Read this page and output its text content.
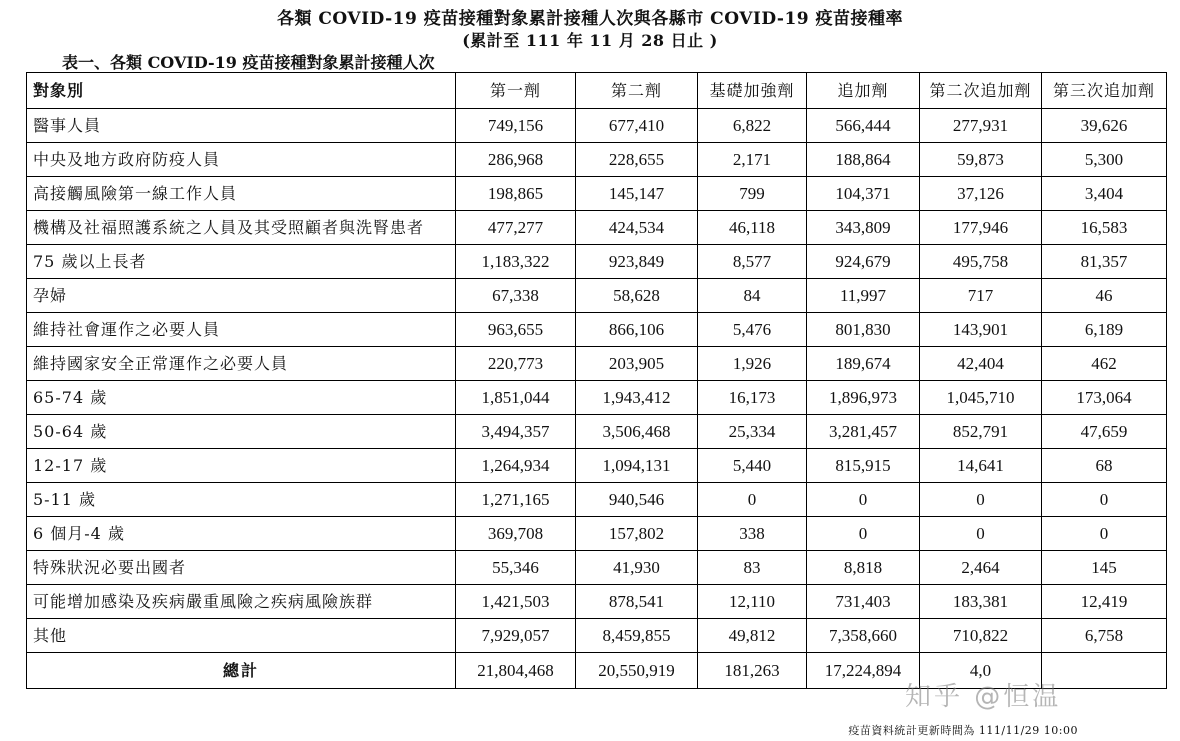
各類 COVID-19 疫苗接種對象累計接種人次與各縣市 COVID-19 疫苗接種率
(累計至 111 年 11 月 28 日止 )
表一、各類 COVID-19 疫苗接種對象累計接種人次
對象別	第一劑	第二劑	基礎加強劑	追加劑	第二次追加劑	第三次追加劑
醫事人員	749,156	677,410	6,822	566,444	277,931	39,626
中央及地方政府防疫人員	286,968	228,655	2,171	188,864	59,873	5,300
高接觸風險第一線工作人員	198,865	145,147	799	104,371	37,126	3,404
機構及社福照護系統之人員及其受照顧者與洗腎患者	477,277	424,534	46,118	343,809	177,946	16,583
75 歲以上長者	1,183,322	923,849	8,577	924,679	495,758	81,357
孕婦	67,338	58,628	84	11,997	717	46
維持社會運作之必要人員	963,655	866,106	5,476	801,830	143,901	6,189
維持國家安全正常運作之必要人員	220,773	203,905	1,926	189,674	42,404	462
65-74 歲	1,851,044	1,943,412	16,173	1,896,973	1,045,710	173,064
50-64 歲	3,494,357	3,506,468	25,334	3,281,457	852,791	47,659
12-17 歲	1,264,934	1,094,131	5,440	815,915	14,641	68
5-11 歲	1,271,165	940,546	0	0	0	0
6 個月-4 歲	369,708	157,802	338	0	0	0
特殊狀況必要出國者	55,346	41,930	83	8,818	2,464	145
可能增加感染及疾病嚴重風險之疾病風險族群	1,421,503	878,541	12,110	731,403	183,381	12,419
其他	7,929,057	8,459,855	49,812	7,358,660	710,822	6,758
總計	21,804,468	20,550,919	181,263	17,224,894	4,0	
疫苗資料統計更新時間為 111/11/29 10:00
知乎 @恒温
